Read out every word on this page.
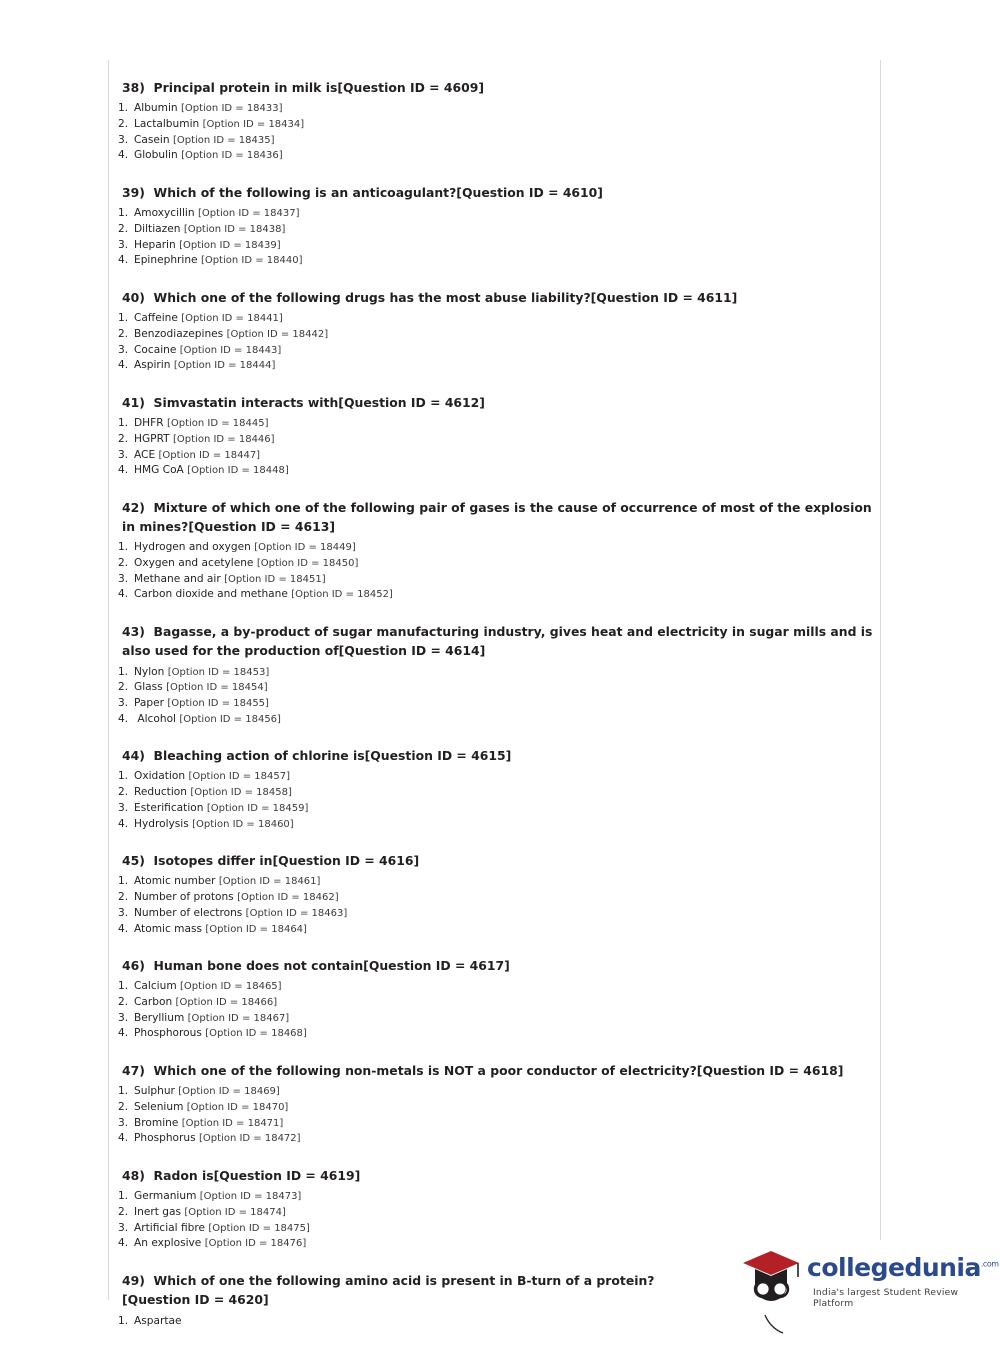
38) Principal protein in milk is[Question ID = 4609]
1. Albumin [Option ID = 18433]
2. Lactalbumin [Option ID = 18434]
3. Casein [Option ID = 18435]
4. Globulin [Option ID = 18436]
39) Which of the following is an anticoagulant?[Question ID = 4610]
1. Amoxycillin [Option ID = 18437]
2. Diltiazen [Option ID = 18438]
3. Heparin [Option ID = 18439]
4. Epinephrine [Option ID = 18440]
40) Which one of the following drugs has the most abuse liability?[Question ID = 4611]
1. Caffeine [Option ID = 18441]
2. Benzodiazepines [Option ID = 18442]
3. Cocaine [Option ID = 18443]
4. Aspirin [Option ID = 18444]
41) Simvastatin interacts with[Question ID = 4612]
1. DHFR [Option ID = 18445]
2. HGPRT [Option ID = 18446]
3. ACE [Option ID = 18447]
4. HMG CoA [Option ID = 18448]
42) Mixture of which one of the following pair of gases is the cause of occurrence of most of the explosion in mines?[Question ID = 4613]
1. Hydrogen and oxygen [Option ID = 18449]
2. Oxygen and acetylene [Option ID = 18450]
3. Methane and air [Option ID = 18451]
4. Carbon dioxide and methane [Option ID = 18452]
43) Bagasse, a by-product of sugar manufacturing industry, gives heat and electricity in sugar mills and is also used for the production of[Question ID = 4614]
1. Nylon [Option ID = 18453]
2. Glass [Option ID = 18454]
3. Paper [Option ID = 18455]
4. Alcohol [Option ID = 18456]
44) Bleaching action of chlorine is[Question ID = 4615]
1. Oxidation [Option ID = 18457]
2. Reduction [Option ID = 18458]
3. Esterification [Option ID = 18459]
4. Hydrolysis [Option ID = 18460]
45) Isotopes differ in[Question ID = 4616]
1. Atomic number [Option ID = 18461]
2. Number of protons [Option ID = 18462]
3. Number of electrons [Option ID = 18463]
4. Atomic mass [Option ID = 18464]
46) Human bone does not contain[Question ID = 4617]
1. Calcium [Option ID = 18465]
2. Carbon [Option ID = 18466]
3. Beryllium [Option ID = 18467]
4. Phosphorous [Option ID = 18468]
47) Which one of the following non-metals is NOT a poor conductor of electricity?[Question ID = 4618]
1. Sulphur [Option ID = 18469]
2. Selenium [Option ID = 18470]
3. Bromine [Option ID = 18471]
4. Phosphorus [Option ID = 18472]
48) Radon is[Question ID = 4619]
1. Germanium [Option ID = 18473]
2. Inert gas [Option ID = 18474]
3. Artificial fibre [Option ID = 18475]
4. An explosive [Option ID = 18476]
49) Which of one the following amino acid is present in B-turn of a protein?
[Question ID = 4620]
1. Aspartae
collegedunia$^{.com}$
India's largest Student Review Platform
